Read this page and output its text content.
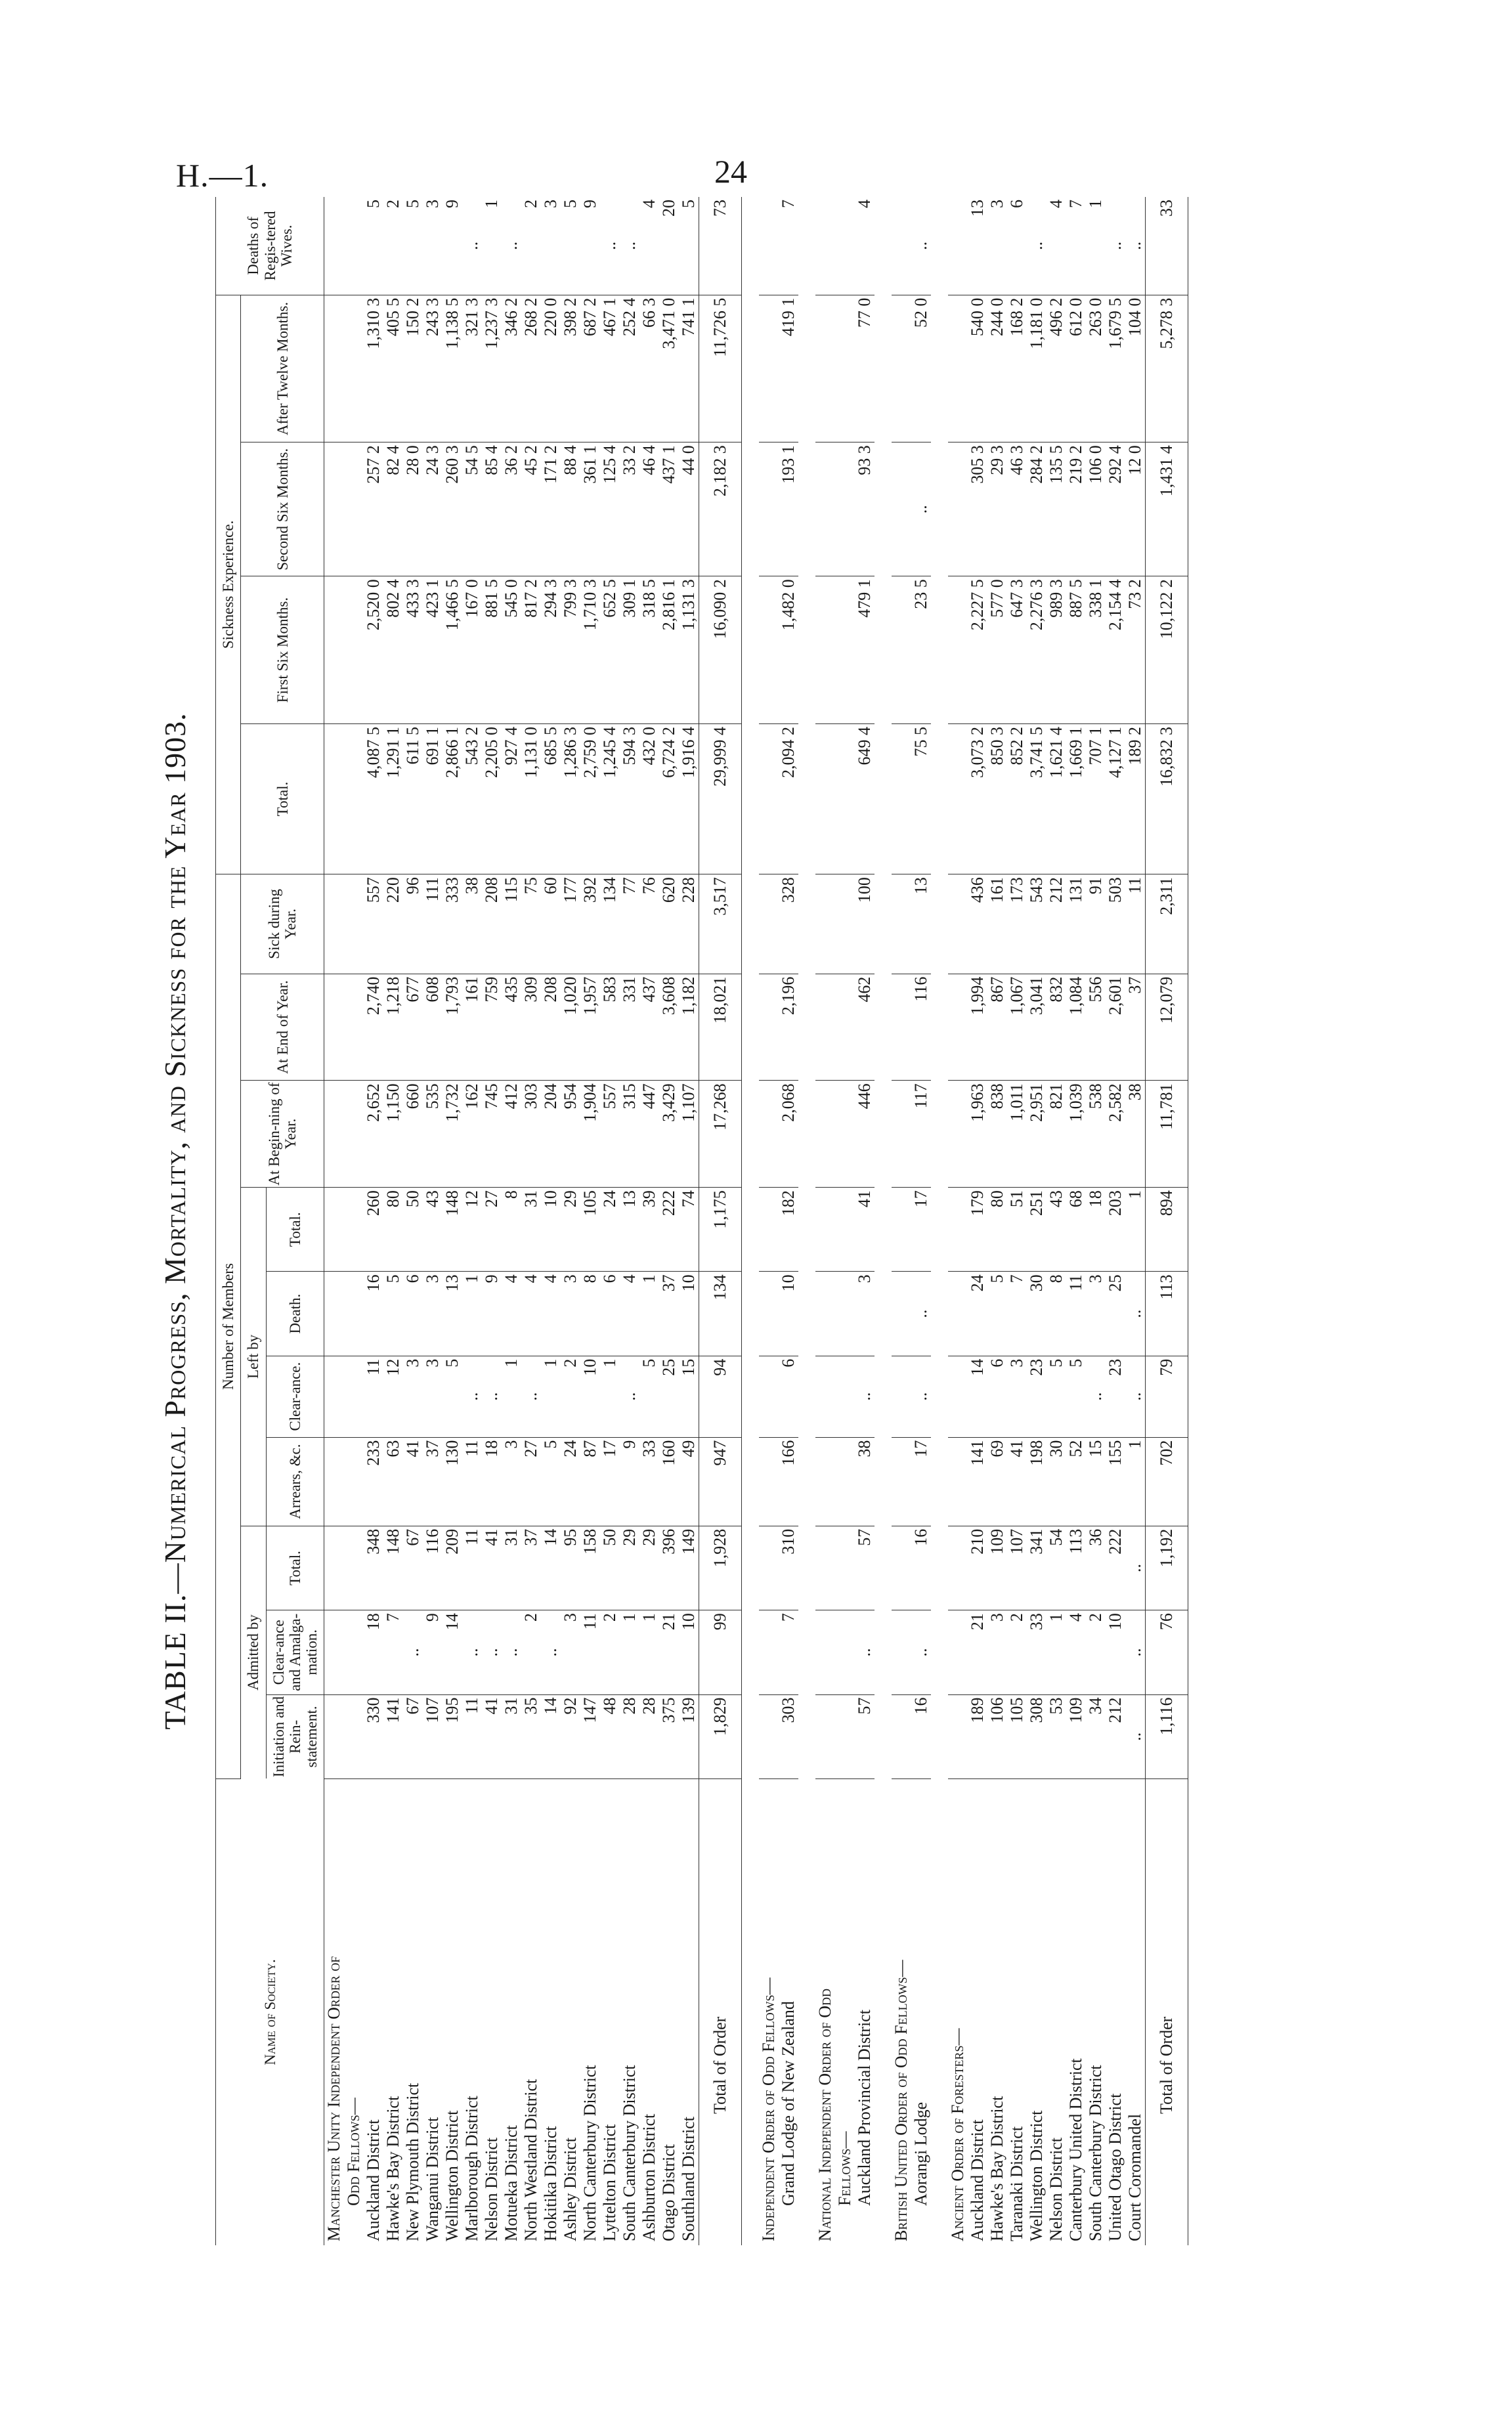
H.—1.	24
TABLE II.—Numerical Progress, Mortality, and Sickness for the Year 1903.
Name of Society.	Number of Members										Sickness Experience.				Deaths of Regis-tered Wives.
	Admitted by			Left by				At Begin-ning of Year.	At End of Year.	Sick during Year.	Total.	First Six Months.	Second Six Months.	After Twelve Months.	
	Initiation and Rein-statement.	Clear-ance and Amalga-mation.	Total.	Arrears, &c.	Clear-ance.	Death.	Total.								
Manchester Unity Independent Order of															
Odd Fellows—															
Auckland District	330	18	348	233	11	16	260	2,652	2,740	557	4,087 5	2,520 0	257 2	1,310 3	5
Hawke's Bay District	141	7	148	63	12	5	80	1,150	1,218	220	1,291 1	802 4	82 4	405 5	2
New Plymouth District	67	..	67	41	3	6	50	660	677	96	611 5	433 3	28 0	150 2	5
Wanganui District	107	9	116	37	3	3	43	535	608	111	691 1	423 1	24 3	243 3	3
Wellington District	195	14	209	130	5	13	148	1,732	1,793	333	2,866 1	1,466 5	260 3	1,138 5	9
Marlborough District	11	..	11	11	..	1	12	162	161	38	543 2	167 0	54 5	321 3	..
Nelson District	41	..	41	18	..	9	27	745	759	208	2,205 0	881 5	85 4	1,237 3	1
Motueka District	31	..	31	3	1	4	8	412	435	115	927 4	545 0	36 2	346 2	..
North Westland District	35	2	37	27	..	4	31	303	309	75	1,131 0	817 2	45 2	268 2	2
Hokitika District	14	..	14	5	1	4	10	204	208	60	685 5	294 3	171 2	220 0	3
Ashley District	92	3	95	24	2	3	29	954	1,020	177	1,286 3	799 3	88 4	398 2	5
North Canterbury District	147	11	158	87	10	8	105	1,904	1,957	392	2,759 0	1,710 3	361 1	687 2	9
Lyttelton District	48	2	50	17	1	6	24	557	583	134	1,245 4	652 5	125 4	467 1	..
South Canterbury District	28	1	29	9	..	4	13	315	331	77	594 3	309 1	33 2	252 4	..
Ashburton District	28	1	29	33	5	1	39	447	437	76	432 0	318 5	46 4	66 3	4
Otago District	375	21	396	160	25	37	222	3,429	3,608	620	6,724 2	2,816 1	437 1	3,471 0	20
Southland District	139	10	149	49	15	10	74	1,107	1,182	228	1,916 4	1,131 3	44 0	741 1	5
Total of Order	1,829	99	1,928	947	94	134	1,175	17,268	18,021	3,517	29,999 4	16,090 2	2,182 3	11,726 5	73

Independent Order of Odd Fellows—															
Grand Lodge of New Zealand	303	7	310	166	6	10	182	2,068	2,196	328	2,094 2	1,482 0	193 1	419 1	7

National Independent Order of Odd															
Fellows—															
Auckland Provincial District	57	..	57	38	..	3	41	446	462	100	649 4	479 1	93 3	77 0	4

British United Order of Odd Fellows—															
Aorangi Lodge	16	..	16	17	..	..	17	117	116	13	75 5	23 5	..	52 0	..

Ancient Order of Foresters—															
Auckland District	189	21	210	141	14	24	179	1,963	1,994	436	3,073 2	2,227 5	305 3	540 0	13
Hawke's Bay District	106	3	109	69	6	5	80	838	867	161	850 3	577 0	29 3	244 0	3
Taranaki District	105	2	107	41	3	7	51	1,011	1,067	173	852 2	647 3	46 3	168 2	6
Wellington District	308	33	341	198	23	30	251	2,951	3,041	543	3,741 5	2,276 3	284 2	1,181 0	..
Nelson District	53	1	54	30	5	8	43	821	832	212	1,621 4	989 3	135 5	496 2	4
Canterbury United District	109	4	113	52	5	11	68	1,039	1,084	131	1,669 1	887 5	219 2	612 0	7
South Canterbury District	34	2	36	15	..	3	18	538	556	91	707 1	338 1	106 0	263 0	1
United Otago District	212	10	222	155	23	25	203	2,582	2,601	503	4,127 1	2,154 4	292 4	1,679 5	..
Court Coromandel	..	..	..	1	..	..	1	38	37	11	189 2	73 2	12 0	104 0	..
Total of Order	1,116	76	1,192	702	79	113	894	11,781	12,079	2,311	16,832 3	10,122 2	1,431 4	5,278 3	33
